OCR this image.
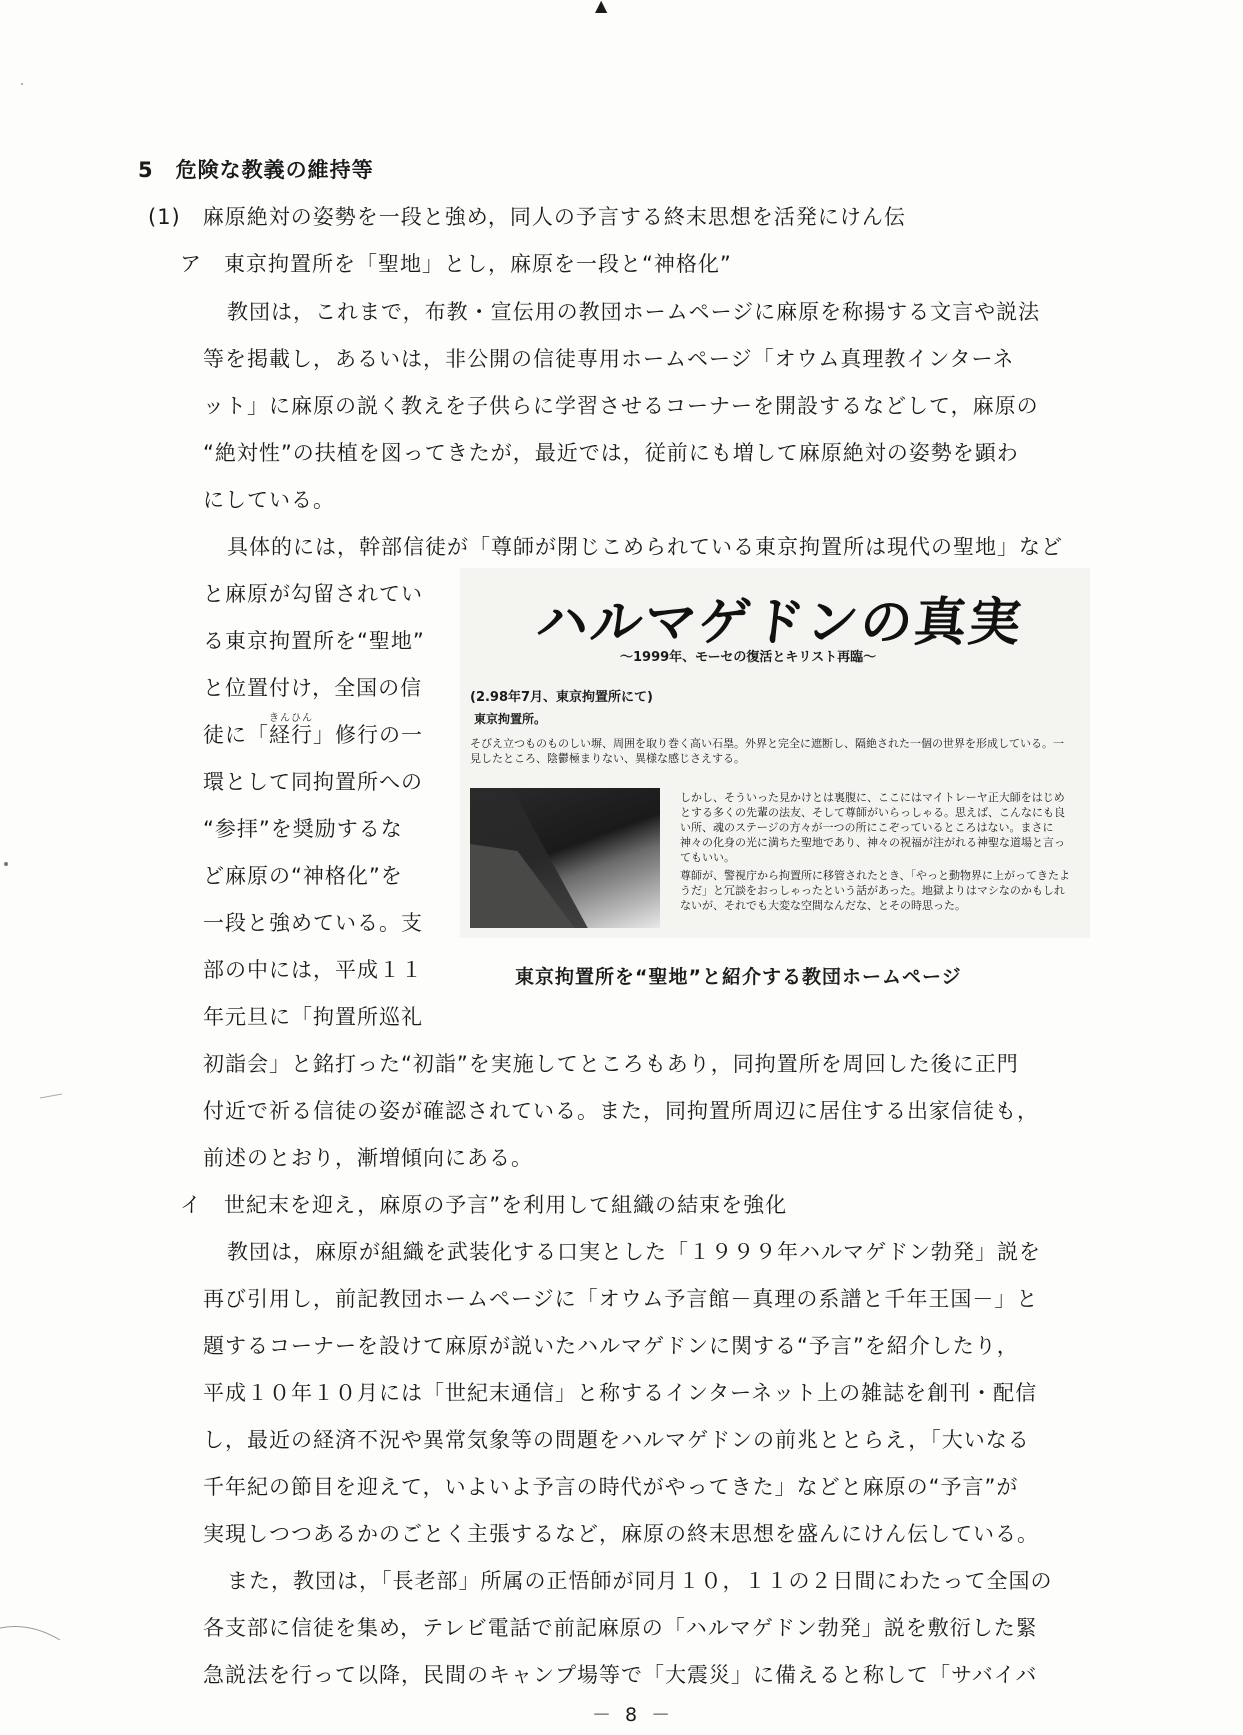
▲
5　危険な教義の維持等
(1)　麻原絶対の姿勢を一段と強め，同人の予言する終末思想を活発にけん伝
ア　東京拘置所を「聖地」とし，麻原を一段と“神格化”
教団は，これまで，布教・宣伝用の教団ホームページに麻原を称揚する文言や説法
等を掲載し，あるいは，非公開の信徒専用ホームページ「オウム真理教インターネ
ット」に麻原の説く教えを子供らに学習させるコーナーを開設するなどして，麻原の
“絶対性”の扶植を図ってきたが，最近では，従前にも増して麻原絶対の姿勢を顕わ
にしている。
具体的には，幹部信徒が「尊師が閉じこめられている東京拘置所は現代の聖地」など
と麻原が勾留されてい
る東京拘置所を“聖地”
と位置付け，全国の信
徒に「経行きんひん」修行の一
環として同拘置所への
“参拝”を奨励するな
ど麻原の“神格化”を
一段と強めている。支
部の中には，平成１１
年元旦に「拘置所巡礼
ハルマゲドンの真実
～1999年、モーセの復活とキリスト再臨～
(2.98年7月、東京拘置所にて)
東京拘置所。
そびえ立つものものしい塀、周囲を取り巻く高い石塁。外界と完全に遮断し、隔絶された一個の世界を形成している。一見したところ、陰鬱極まりない、異様な感じさえする。
しかし、そういった見かけとは裏腹に、ここにはマイトレーヤ正大師をはじめとする多くの先輩の法友、そして尊師がいらっしゃる。思えば、こんなにも良い所、魂のステージの方々が一つの所にこぞっているところはない。まさに神々の化身の光に満ちた聖地であり、神々の祝福が注がれる神聖な道場と言ってもいい。
尊師が、警視庁から拘置所に移管されたとき、「やっと動物界に上がってきたようだ」と冗談をおっしゃったという話があった。地獄よりはマシなのかもしれないが、それでも大変な空間なんだな、とその時思った。
東京拘置所を“聖地”と紹介する教団ホームページ
初詣会」と銘打った“初詣”を実施してところもあり，同拘置所を周回した後に正門
付近で祈る信徒の姿が確認されている。また，同拘置所周辺に居住する出家信徒も，
前述のとおり，漸増傾向にある。
イ　世紀末を迎え，麻原の予言”を利用して組織の結束を強化
教団は，麻原が組織を武装化する口実とした「１９９９年ハルマゲドン勃発」説を
再び引用し，前記教団ホームページに「オウム予言館－真理の系譜と千年王国－」と
題するコーナーを設けて麻原が説いたハルマゲドンに関する“予言”を紹介したり，
平成１０年１０月には「世紀末通信」と称するインターネット上の雑誌を創刊・配信
し，最近の経済不況や異常気象等の問題をハルマゲドンの前兆ととらえ，「大いなる
千年紀の節目を迎えて，いよいよ予言の時代がやってきた」などと麻原の“予言”が
実現しつつあるかのごとく主張するなど，麻原の終末思想を盛んにけん伝している。
また，教団は，「長老部」所属の正悟師が同月１０，１１の２日間にわたって全国の
各支部に信徒を集め，テレビ電話で前記麻原の「ハルマゲドン勃発」説を敷衍した緊
急説法を行って以降，民間のキャンプ場等で「大震災」に備えると称して「サバイバ
－ 8 －
